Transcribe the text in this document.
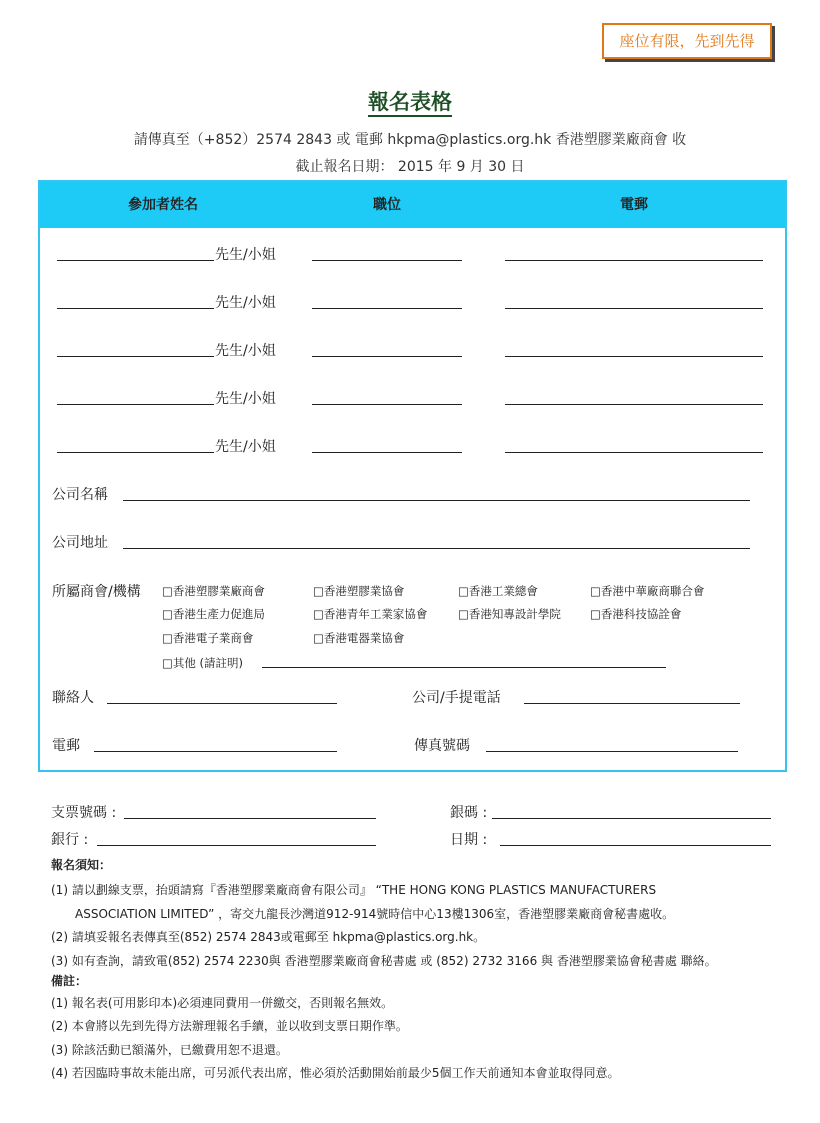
座位有限，先到先得
報名表格
請傳真至（+852）2574 2843 或 電郵 hkpma@plastics.org.hk 香港塑膠業廠商會 收
截止報名日期： 2015 年 9 月 30 日
參加者姓名	職位	電郵
先生/小姐
先生/小姐
先生/小姐
先生/小姐
先生/小姐
公司名稱
公司地址
所屬商會/機構 □香港塑膠業廠商會	□香港塑膠業協會	□香港工業總會	□香港中華廠商聯合會
□香港生產力促進局	□香港青年工業家協會	□香港知專設計學院	□香港科技協詮會
□香港電子業商會	□香港電器業協會
□其他 (請註明)
聯絡人	公司/手提電話
電郵	傳真號碼
支票號碼 :	銀碼 :
銀行 :	日期 :
報名須知：
(1) 請以劃線支票，抬頭請寫『香港塑膠業廠商會有限公司』 “THE HONG KONG PLASTICS MANUFACTURERS
ASSOCIATION LIMITED” ，寄交九龍長沙灣道912-914號時信中心13樓1306室，香港塑膠業廠商會秘書處收。
(2) 請填妥報名表傳真至(852) 2574 2843或電郵至 hkpma@plastics.org.hk。
(3) 如有查詢，請致電(852) 2574 2230與 香港塑膠業廠商會秘書處 或 (852) 2732 3166 與 香港塑膠業協會秘書處 聯絡。
備註：
(1) 報名表(可用影印本)必須連同費用一併繳交，否則報名無效。
(2) 本會將以先到先得方法辦理報名手續，並以收到支票日期作準。
(3) 除該活動已額滿外，已繳費用恕不退還。
(4) 若因臨時事故未能出席，可另派代表出席，惟必須於活動開始前最少5個工作天前通知本會並取得同意。
